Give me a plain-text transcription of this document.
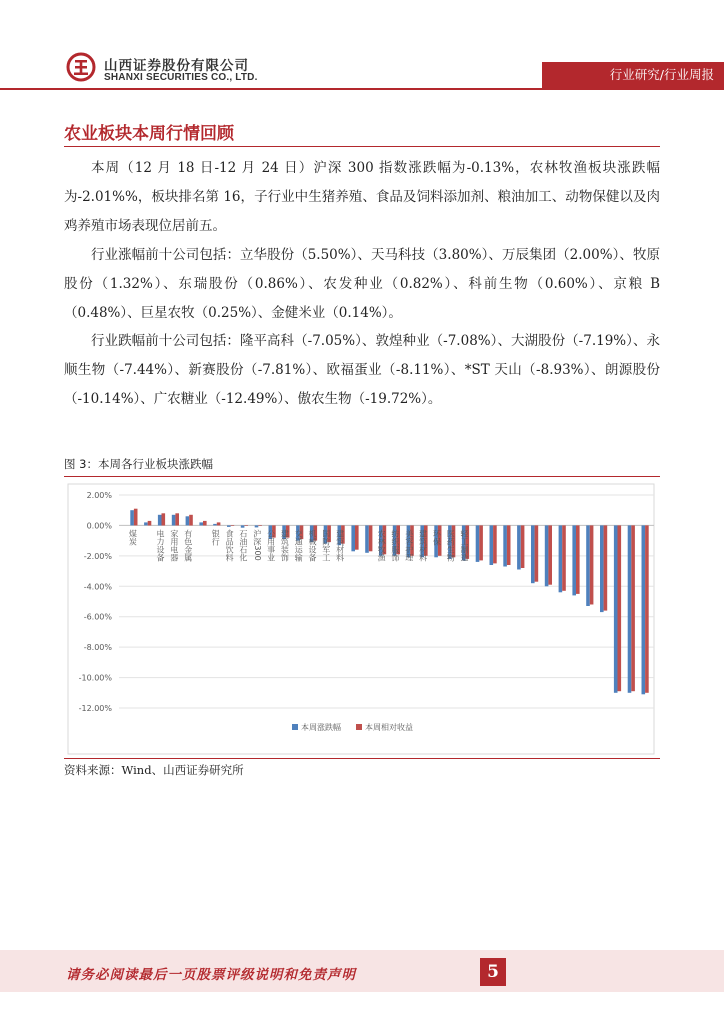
山西证券股份有限公司
SHANXI SECURITIES CO., LTD.	行业研究/行业周报
农业板块本周行情回顾

本周（12 月 18 日-12 月 24 日）沪深 300 指数涨跌幅为-0.13%，农林牧渔板块涨跌幅为-2.01%%，板块排名第 16，子行业中生猪养殖、食品及饲料添加剂、粮油加工、动物保健以及肉鸡养殖市场表现位居前五。

行业涨幅前十公司包括：立华股份（5.50%）、天马科技（3.80%）、万辰集团（2.00%）、牧原股份（1.32%）、东瑞股份（0.86%）、农发种业（0.82%）、科前生物（0.60%）、京粮 B（0.48%）、巨星农牧（0.25%）、金健米业（0.14%）。

行业跌幅前十公司包括：隆平高科（-7.05%）、敦煌种业（-7.08%）、大湖股份（-7.19%）、永顺生物（-7.44%）、新赛股份（-7.81%）、欧福蛋业（-8.11%）、*ST 天山（-8.93%）、朗源股份（-10.14%）、广农糖业（-12.49%）、傲农生物（-19.72%）。

图 3：本周各行业板块涨跌幅
2.00%
0.00%
-2.00%
-4.00%
-6.00%
-8.00%
-10.00%
-12.00%
煤炭 电力设备 家用电器 有色金属 银行 食品饮料 石油石化 沪深300 公用事业 建筑装饰 交通运输 机械设备 国防军工 建筑材料	农林牧渔 纺织服饰 美容护理 建筑材料 环保 医药生物 轻工制造
本周涨跌幅	本周相对收益
资料来源：Wind、山西证券研究所
请务必阅读最后一页股票评级说明和免责声明	5
